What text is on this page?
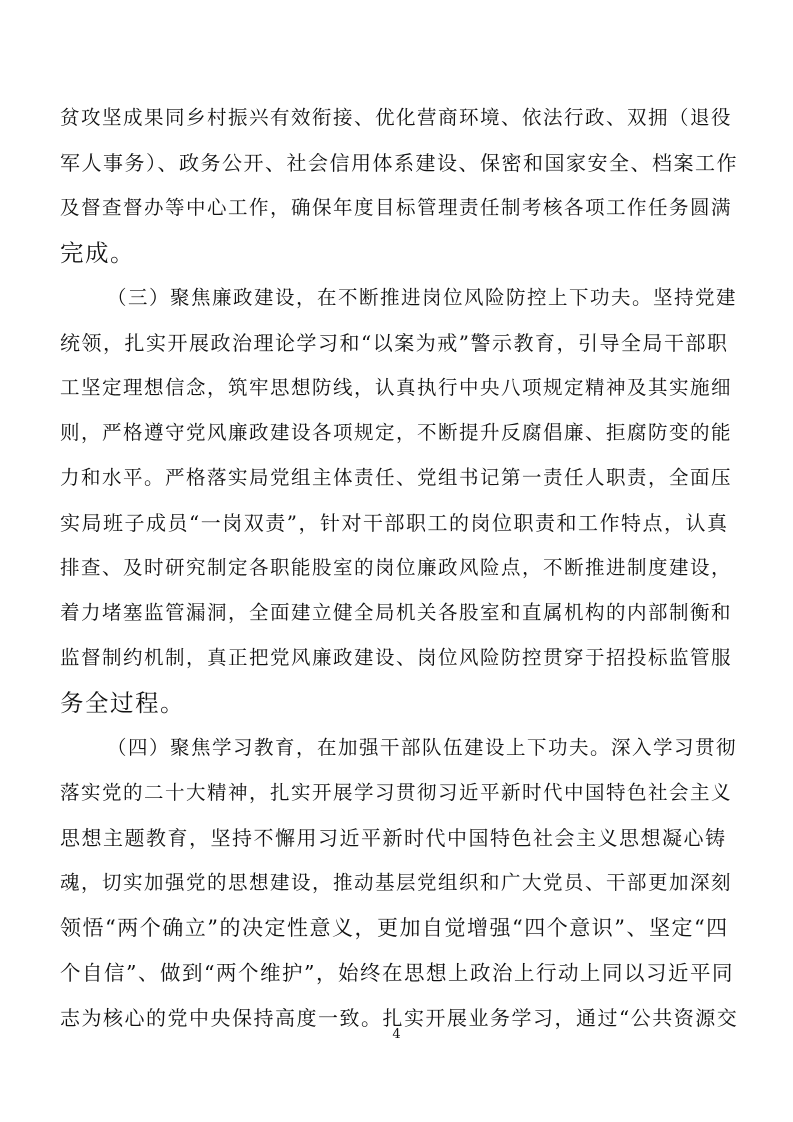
贫攻坚成果同乡村振兴有效衔接、优化营商环境、依法行政、双拥（退役
军人事务）、政务公开、社会信用体系建设、保密和国家安全、档案工作
及督查督办等中心工作，确保年度目标管理责任制考核各项工作任务圆满
完成。
（三）聚焦廉政建设，在不断推进岗位风险防控上下功夫。坚持党建
统领，扎实开展政治理论学习和“以案为戒”警示教育，引导全局干部职
工坚定理想信念，筑牢思想防线，认真执行中央八项规定精神及其实施细
则，严格遵守党风廉政建设各项规定，不断提升反腐倡廉、拒腐防变的能
力和水平。严格落实局党组主体责任、党组书记第一责任人职责，全面压
实局班子成员“一岗双责”，针对干部职工的岗位职责和工作特点，认真
排查、及时研究制定各职能股室的岗位廉政风险点，不断推进制度建设，
着力堵塞监管漏洞，全面建立健全局机关各股室和直属机构的内部制衡和
监督制约机制，真正把党风廉政建设、岗位风险防控贯穿于招投标监管服
务全过程。
（四）聚焦学习教育，在加强干部队伍建设上下功夫。深入学习贯彻
落实党的二十大精神，扎实开展学习贯彻习近平新时代中国特色社会主义
思想主题教育，坚持不懈用习近平新时代中国特色社会主义思想凝心铸
魂，切实加强党的思想建设，推动基层党组织和广大党员、干部更加深刻
领悟“两个确立”的决定性意义，更加自觉增强“四个意识”、坚定“四
个自信”、做到“两个维护”，始终在思想上政治上行动上同以习近平同
志为核心的党中央保持高度一致。扎实开展业务学习，通过“公共资源交
4
